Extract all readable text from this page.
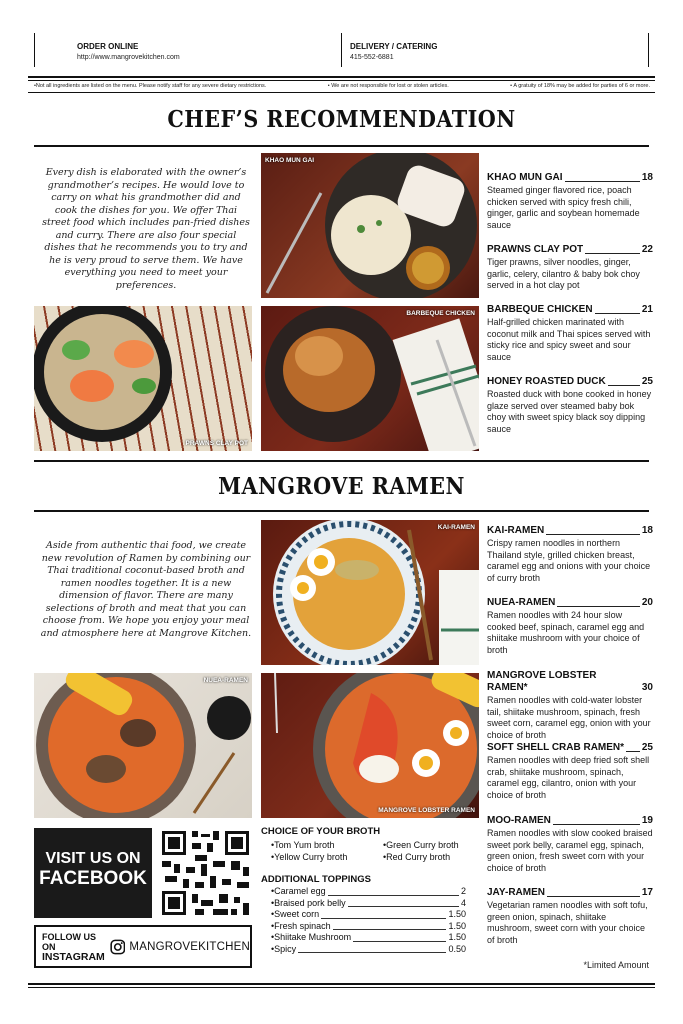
ORDER ONLINE
http://www.mangrovekitchen.com
DELIVERY / CATERING
415-552-6881
•Not all ingredients are listed on the menu. Please notify staff for any severe dietary restrictions.	• We are not responsible for lost or stolen articles.	• A gratuity of 18% may be added for parties of 6 or more.
CHEF’S RECOMMENDATION
Every dish is elaborated with the owner’s grandmother’s recipes. He would love to carry on what his grandmother did and cook the dishes for you. We offer Thai street food which includes pan-fried dishes and curry. There are also four special dishes that he recommends you to try and he is very proud to serve them. We have everything you need to meet your preferences.
KHAO MUN GAI
PRAWNS CLAY POT
BARBEQUE CHICKEN
KHAO MUN GAI	18
Steamed ginger flavored rice, poach chicken served with spicy fresh chili, ginger, garlic and soybean homemade sauce
PRAWNS CLAY POT	22
Tiger prawns, silver noodles, ginger, garlic, celery, cilantro & baby bok choy served in a hot clay pot
BARBEQUE CHICKEN	21
Half-grilled chicken marinated with coconut milk and Thai spices served with sticky rice and spicy sweet and sour sauce
HONEY ROASTED DUCK	25
Roasted duck with bone cooked in honey glaze served over steamed baby bok choy with sweet spicy black soy dipping sauce
MANGROVE RAMEN
Aside from authentic thai food, we create new revolution of Ramen by combining our Thai traditional coconut-based broth and ramen noodles together. It is a new dimension of flavor. There are many selections of broth and meat that you can choose from. We hope you enjoy your meal and atmosphere here at Mangrove Kitchen.
KAI-RAMEN
NUEA-RAMEN
MANGROVE LOBSTER RAMEN
KAI-RAMEN	18
Crispy ramen noodles in northern Thailand style, grilled chicken breast, caramel egg and onions with your choice of curry broth
NUEA-RAMEN	20
Ramen noodles with 24 hour slow cooked beef, spinach, caramel egg and shiitake mushroom with your choice of broth
MANGROVE LOBSTER RAMEN*	30
Ramen noodles with cold-water lobster tail, shiitake mushroom, spinach, fresh sweet corn, caramel egg, onion with your choice of broth
SOFT SHELL CRAB RAMEN* 25
Ramen noodles with deep fried soft shell crab, shiitake mushroom, spinach, caramel egg, cilantro, onion with your choice of broth
MOO-RAMEN	19
Ramen noodles with slow cooked braised sweet pork belly, caramel egg, spinach, green onion, fresh sweet corn with your choice of broth
JAY-RAMEN	17
Vegetarian ramen noodles with soft tofu, green onion, spinach, shiitake mushroom, sweet corn with your choice of broth
*Limited Amount
CHOICE OF YOUR BROTH
•Tom Yum broth	•Green Curry broth
•Yellow Curry broth	•Red Curry broth
ADDITIONAL TOPPINGS
•Caramel egg	2
•Braised pork belly	4
•Sweet corn	1.50
•Fresh spinach	1.50
•Shiitake Mushroom	1.50
•Spicy	0.50
VISIT US ON
FACEBOOK
FOLLOW US ON
INSTAGRAM
MANGROVEKITCHEN
